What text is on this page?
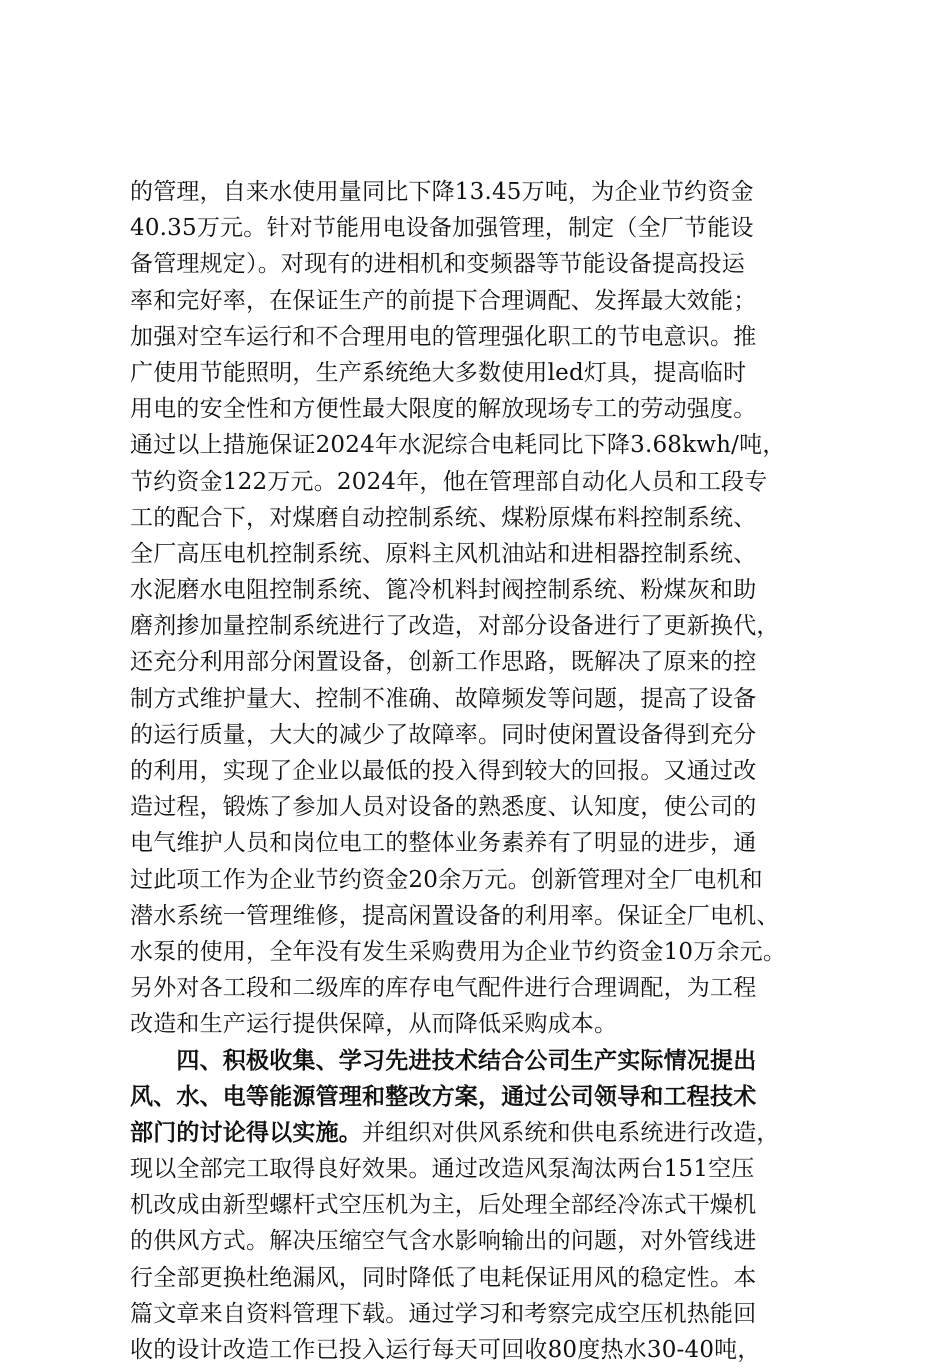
的管理，自来水使用量同比下降13.45万吨，为企业节约资金
40.35万元。针对节能用电设备加强管理，制定（全厂节能设
备管理规定）。对现有的进相机和变频器等节能设备提高投运
率和完好率，在保证生产的前提下合理调配、发挥最大效能；
加强对空车运行和不合理用电的管理强化职工的节电意识。推
广使用节能照明，生产系统绝大多数使用led灯具，提高临时
用电的安全性和方便性最大限度的解放现场专工的劳动强度。
通过以上措施保证2024年水泥综合电耗同比下降3.68kwh/吨，
节约资金122万元。2024年，他在管理部自动化人员和工段专
工的配合下，对煤磨自动控制系统、煤粉原煤布料控制系统、
全厂高压电机控制系统、原料主风机油站和进相器控制系统、
水泥磨水电阻控制系统、篦冷机料封阀控制系统、粉煤灰和助
磨剂掺加量控制系统进行了改造，对部分设备进行了更新换代，
还充分利用部分闲置设备，创新工作思路，既解决了原来的控
制方式维护量大、控制不准确、故障频发等问题，提高了设备
的运行质量，大大的减少了故障率。同时使闲置设备得到充分
的利用，实现了企业以最低的投入得到较大的回报。又通过改
造过程，锻炼了参加人员对设备的熟悉度、认知度，使公司的
电气维护人员和岗位电工的整体业务素养有了明显的进步，通
过此项工作为企业节约资金20余万元。创新管理对全厂电机和
潜水系统一管理维修，提高闲置设备的利用率。保证全厂电机、
水泵的使用，全年没有发生采购费用为企业节约资金10万余元。
另外对各工段和二级库的库存电气配件进行合理调配，为工程
改造和生产运行提供保障，从而降低采购成本。
　　四、积极收集、学习先进技术结合公司生产实际情况提出
风、水、电等能源管理和整改方案，通过公司领导和工程技术
部门的讨论得以实施。并组织对供风系统和供电系统进行改造，
现以全部完工取得良好效果。通过改造风泵淘汰两台151空压
机改成由新型螺杆式空压机为主，后处理全部经冷冻式干燥机
的供风方式。解决压缩空气含水影响输出的问题，对外管线进
行全部更换杜绝漏风，同时降低了电耗保证用风的稳定性。本
篇文章来自资料管理下载。通过学习和考察完成空压机热能回
收的设计改造工作已投入运行每天可回收80度热水30-40吨，
